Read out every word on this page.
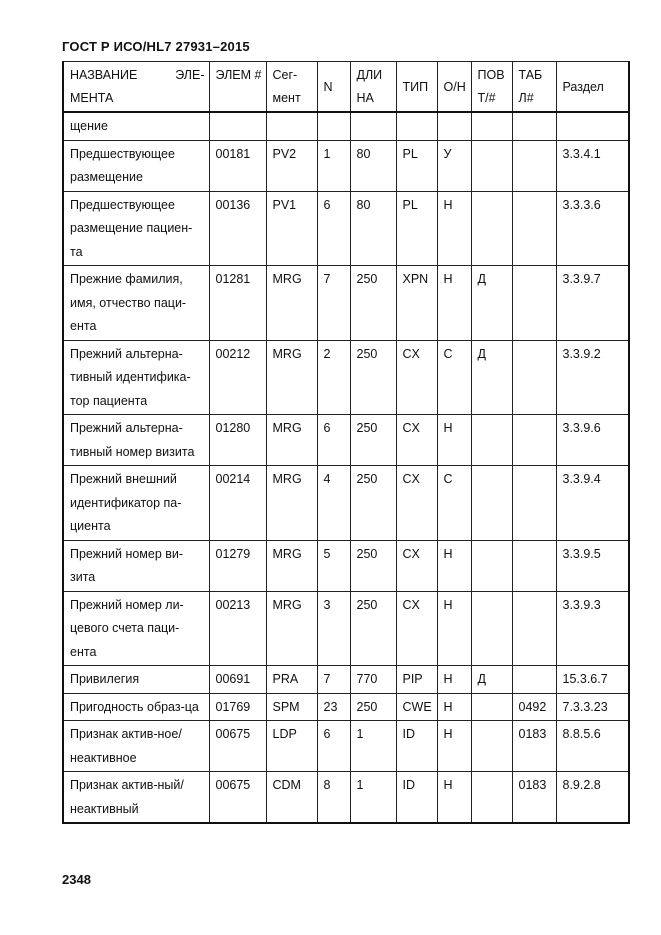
ГОСТ Р ИСО/HL7 27931–2015
НАЗВАНИЕ ЭЛЕ-МЕНТА	ЭЛЕМ #	Сег-мент	N	ДЛИ НА	ТИП	О/Н	ПОВ Т/#	ТАБ Л#	Раздел
щение									
Предшествующее размещение	00181	PV2	1	80	PL	У			3.3.4.1
Предшествующее размещение пациен-та	00136	PV1	6	80	PL	Н			3.3.3.6
Прежние фамилия, имя, отчество паци-ента	01281	MRG	7	250	XPN	Н	Д		3.3.9.7
Прежний альтерна-тивный идентифика-тор пациента	00212	MRG	2	250	CX	С	Д		3.3.9.2
Прежний альтерна-тивный номер визита	01280	MRG	6	250	CX	Н			3.3.9.6
Прежний внешний идентификатор па-циента	00214	MRG	4	250	CX	С			3.3.9.4
Прежний номер ви-зита	01279	MRG	5	250	CX	Н			3.3.9.5
Прежний номер ли-цевого счета паци-ента	00213	MRG	3	250	CX	Н			3.3.9.3
Привилегия	00691	PRA	7	770	PIP	Н	Д		15.3.6.7
Пригодность образ-ца	01769	SPM	23	250	CWE	Н		0492	7.3.3.23
Признак актив-ное/неактивное	00675	LDP	6	1	ID	Н		0183	8.8.5.6
Признак актив-ный/неактивный	00675	CDM	8	1	ID	Н		0183	8.9.2.8
2348
